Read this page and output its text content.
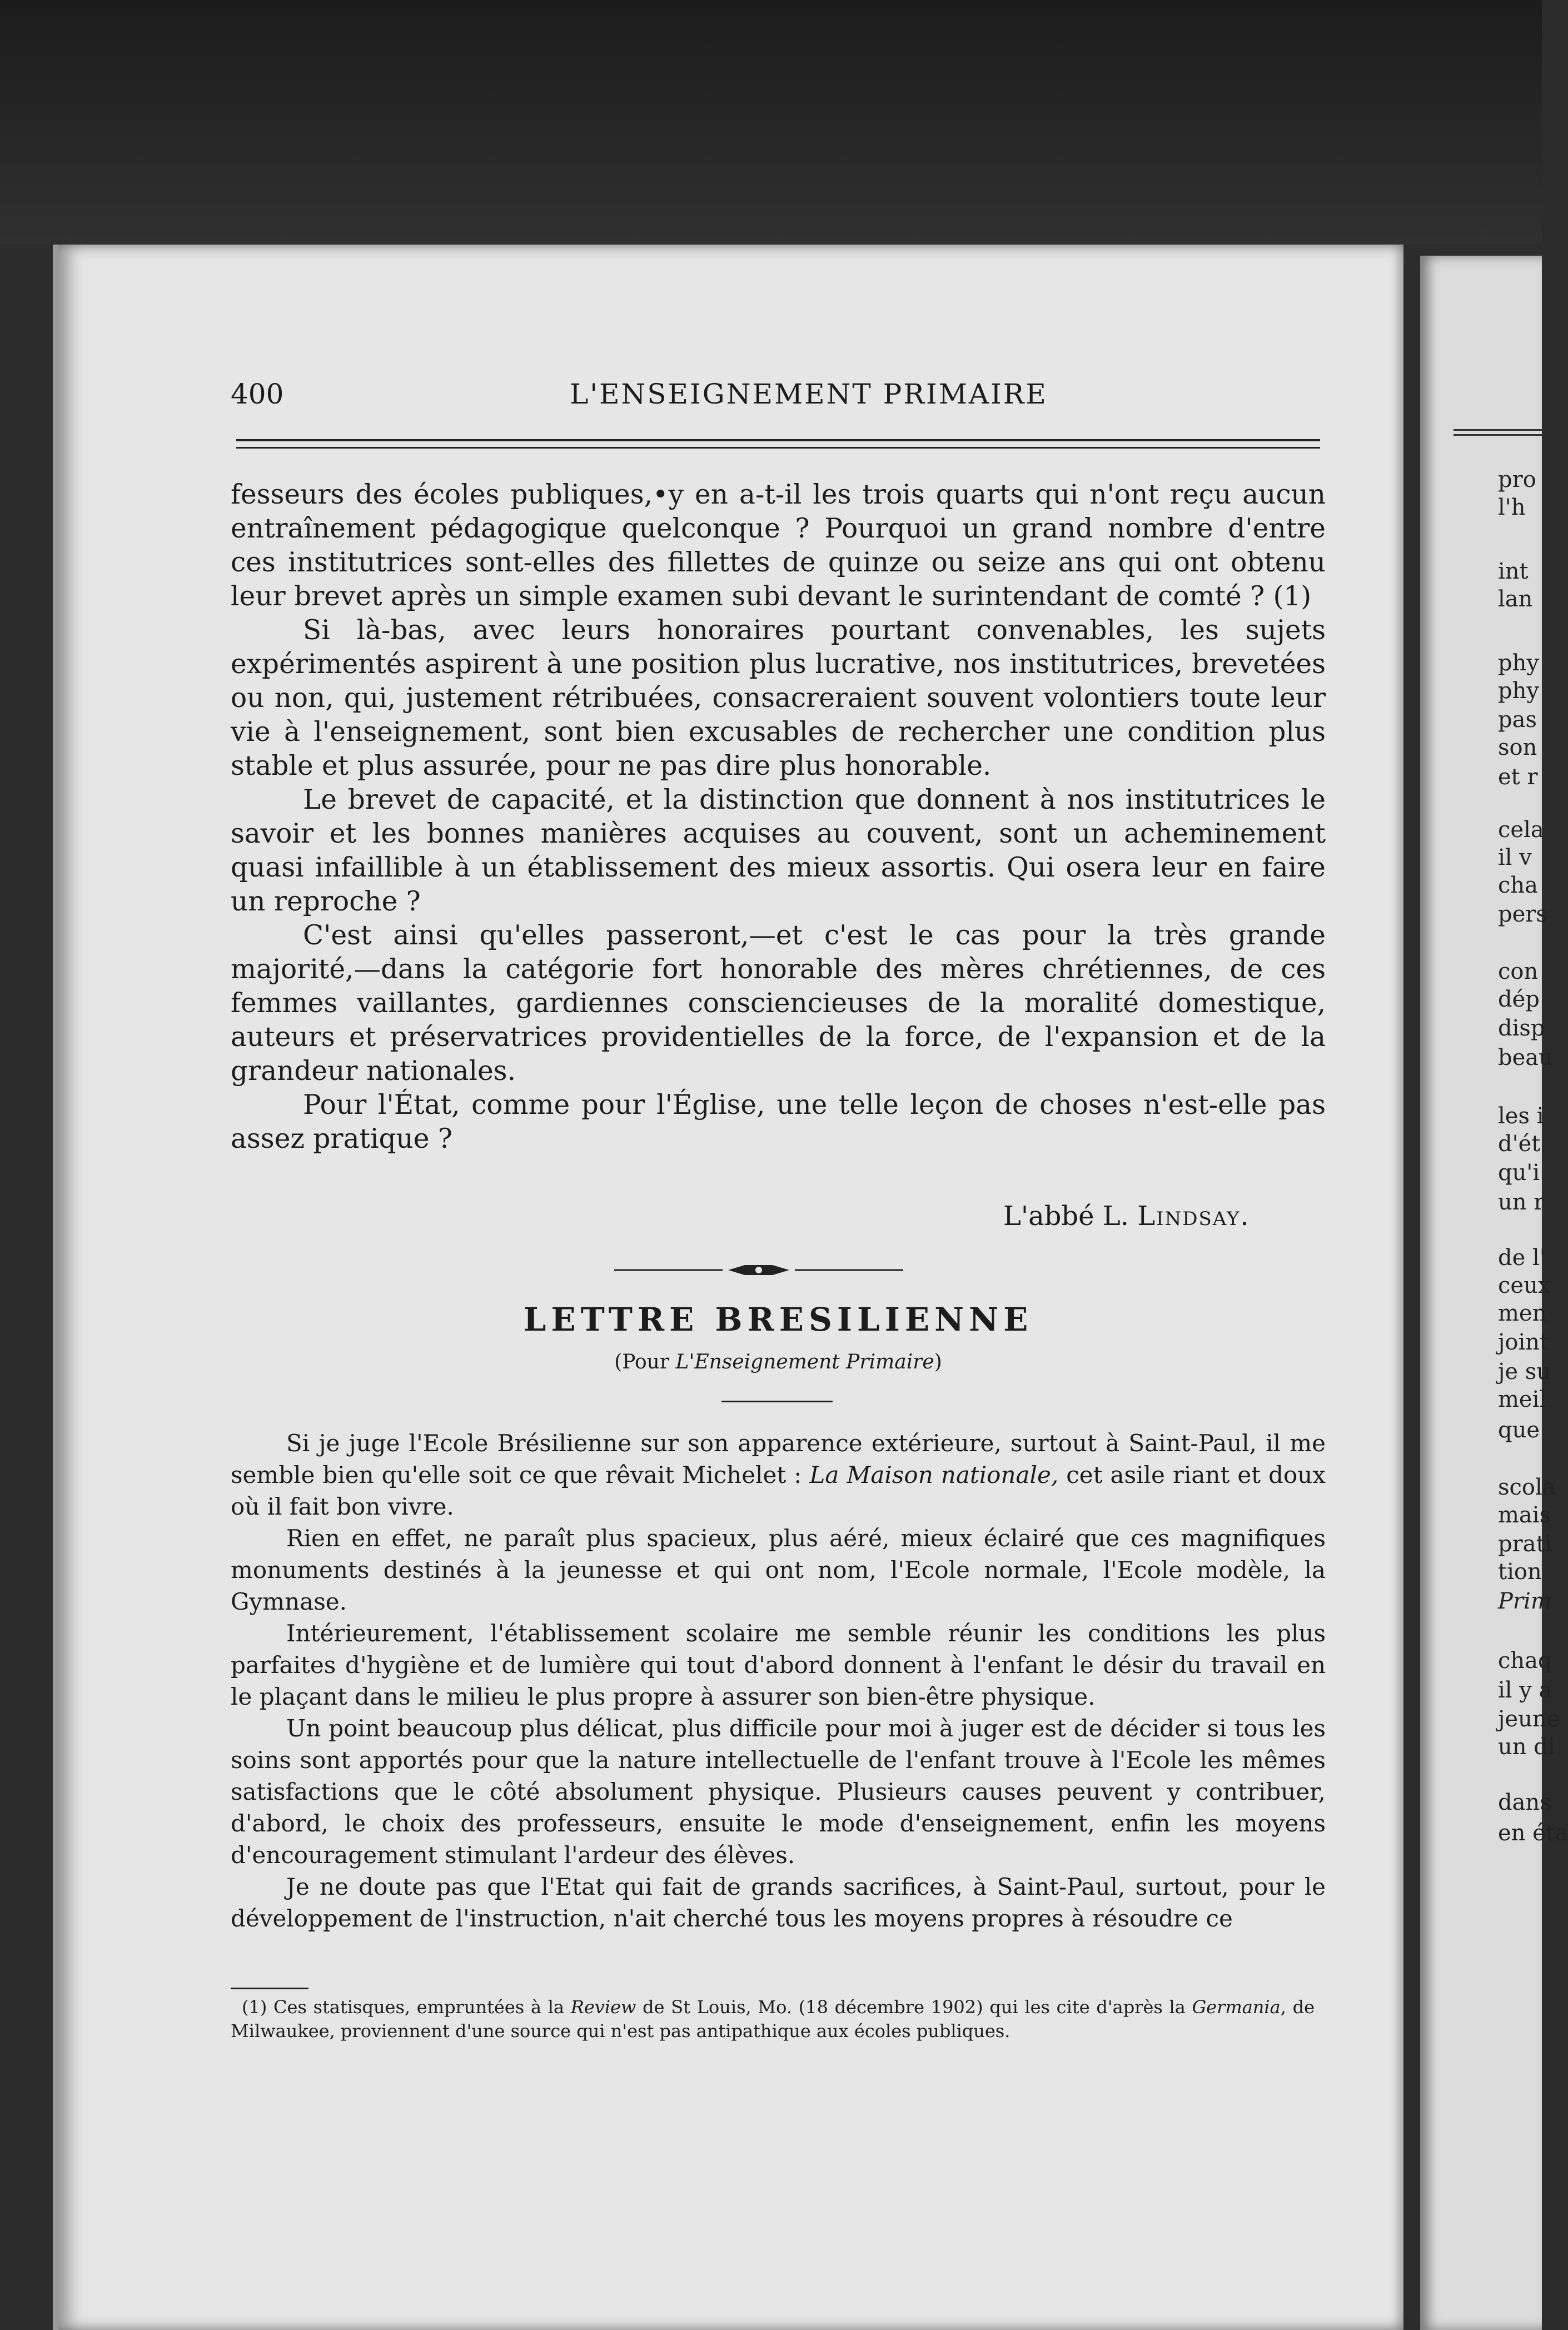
400	L'ENSEIGNEMENT PRIMAIRE

fesseurs des écoles publiques,•y en a-t-il les trois quarts qui n'ont reçu aucun entraînement pédagogique quelconque ? Pourquoi un grand nombre d'entre ces institutrices sont-elles des fillettes de quinze ou seize ans qui ont obtenu leur brevet après un simple examen subi devant le surintendant de comté ? (1)

Si là-bas, avec leurs honoraires pourtant convenables, les sujets expérimentés aspirent à une position plus lucrative, nos institutrices, brevetées ou non, qui, justement rétribuées, consacreraient souvent volontiers toute leur vie à l'enseignement, sont bien excusables de rechercher une condition plus stable et plus assurée, pour ne pas dire plus honorable.

Le brevet de capacité, et la distinction que donnent à nos institutrices le savoir et les bonnes manières acquises au couvent, sont un acheminement quasi infaillible à un établissement des mieux assortis. Qui osera leur en faire un reproche ?

C'est ainsi qu'elles passeront,—et c'est le cas pour la très grande majorité,—dans la catégorie fort honorable des mères chrétiennes, de ces femmes vaillantes, gardiennes consciencieuses de la moralité domestique, auteurs et préservatrices providentielles de la force, de l'expansion et de la grandeur nationales.

Pour l'État, comme pour l'Église, une telle leçon de choses n'est-elle pas assez pratique ?

L'abbé L. Lindsay.
LETTRE BRESILIENNE
(Pour L'Enseignement Primaire)

Si je juge l'Ecole Brésilienne sur son apparence extérieure, surtout à Saint-Paul, il me semble bien qu'elle soit ce que rêvait Michelet : La Maison nationale, cet asile riant et doux où il fait bon vivre.

Rien en effet, ne paraît plus spacieux, plus aéré, mieux éclairé que ces magnifiques monuments destinés à la jeunesse et qui ont nom, l'Ecole normale, l'Ecole modèle, la Gymnase.

Intérieurement, l'établissement scolaire me semble réunir les conditions les plus parfaites d'hygiène et de lumière qui tout d'abord donnent à l'enfant le désir du travail en le plaçant dans le milieu le plus propre à assurer son bien-être physique.

Un point beaucoup plus délicat, plus difficile pour moi à juger est de décider si tous les soins sont apportés pour que la nature intellectuelle de l'enfant trouve à l'Ecole les mêmes satisfactions que le côté absolument physique. Plusieurs causes peuvent y contribuer, d'abord, le choix des professeurs, ensuite le mode d'enseignement, enfin les moyens d'encouragement stimulant l'ardeur des élèves.

Je ne doute pas que l'Etat qui fait de grands sacrifices, à Saint-Paul, surtout, pour le développement de l'instruction, n'ait cherché tous les moyens propres à résoudre ce

(1) Ces statisques, empruntées à la Review de St Louis, Mo. (18 décembre 1902) qui les cite d'après la Germania, de Milwaukee, proviennent d'une source qui n'est pas antipathique aux écoles publiques.
pro
l'h
int
lan
phy
phy
pas
son
et r
cela
il v
cha
pers
con
dép
disp
beau
les i
d'ét
qu'i
un r
de l'
ceux
men
joint
je su
meil
que
scola
mais
prati
tion
Prim
chaq
il y a
jeune
un di
dans
en éta
